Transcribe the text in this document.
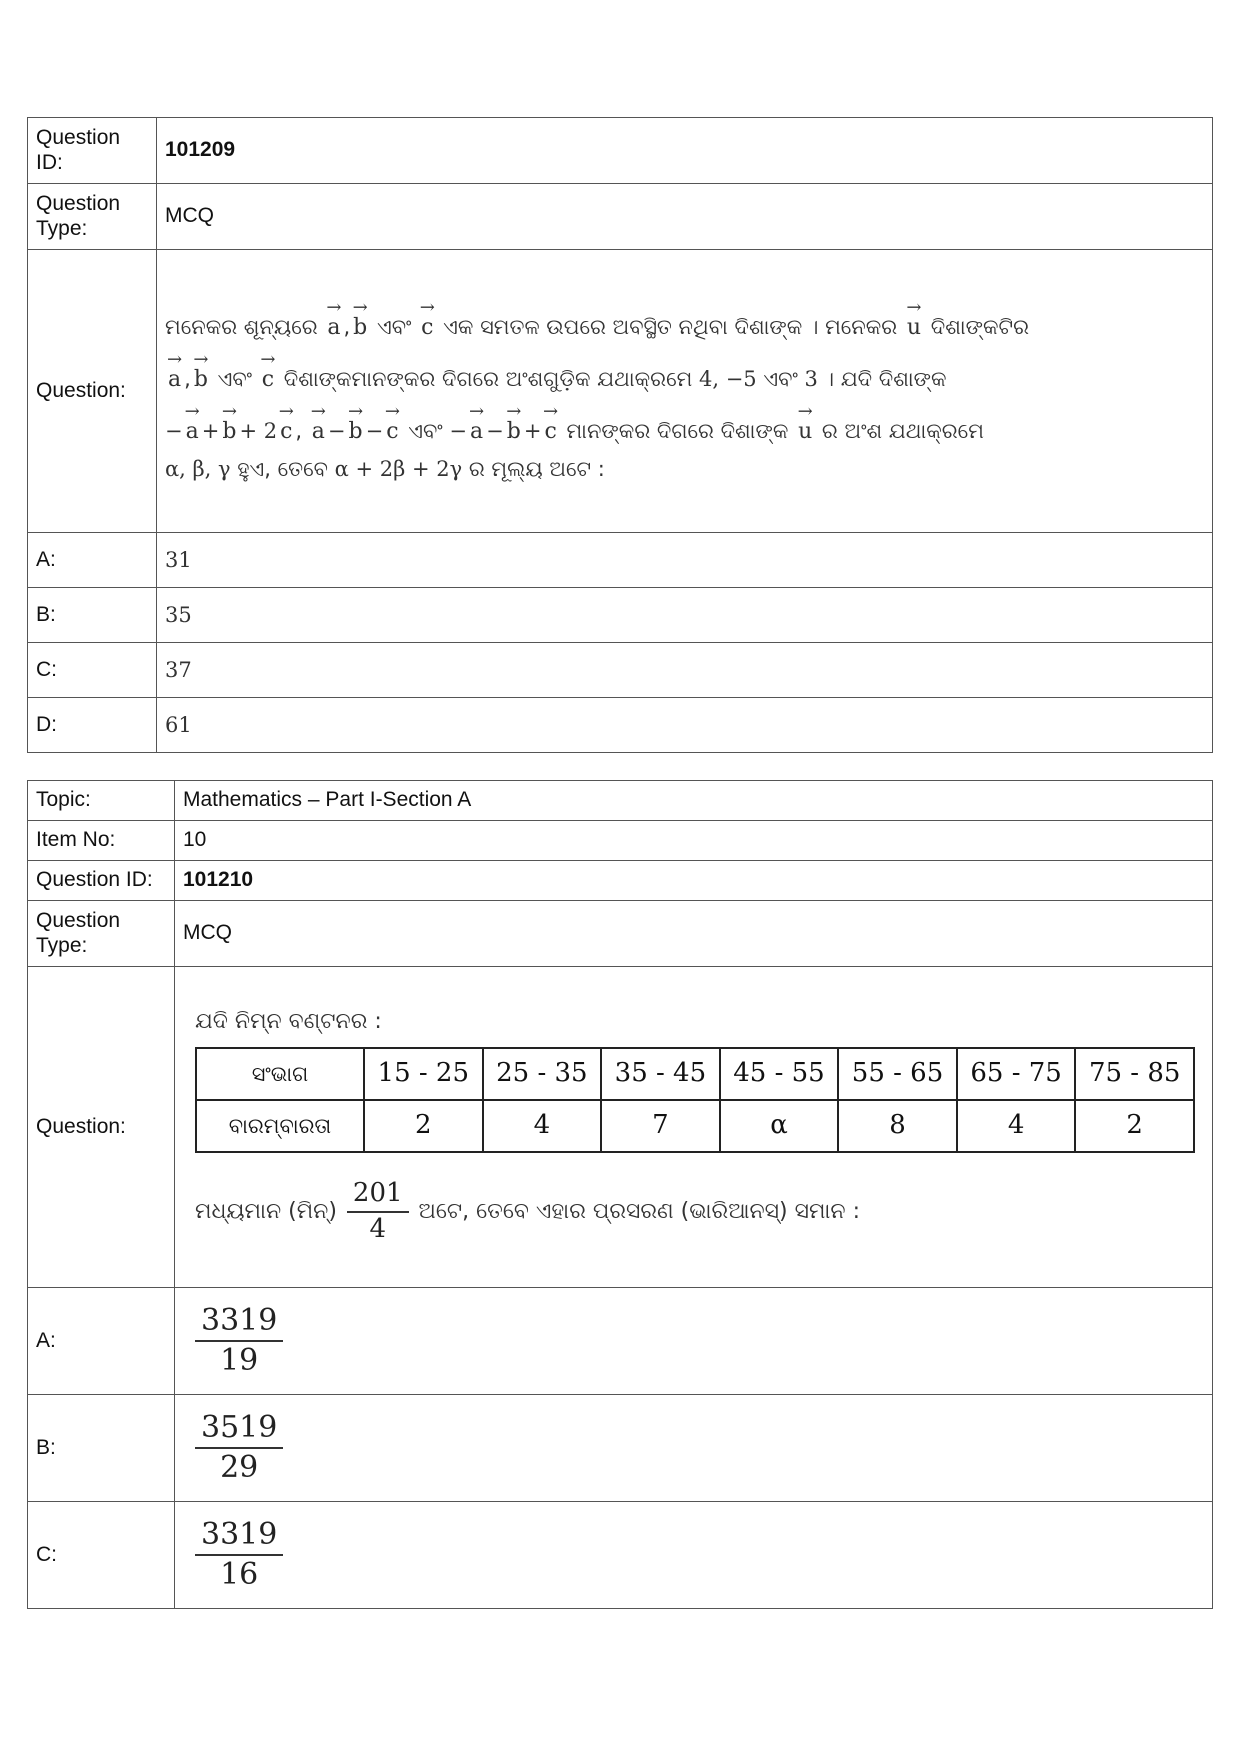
Question ID:	101209
Question Type:	MCQ
Question:	ମନେକର ଶୂନ୍ୟରେ → a , → b ଏବଂ → c ଏକ ସମତଳ ଉପରେ ଅବସ୍ଥିତ ନଥିବା ଦିଶାଙ୍କ । ମନେକର → u ଦିଶାଙ୍କଟିର
→ a , → b ଏବଂ → c ଦିଶାଙ୍କମାନଙ୍କର ଦିଗରେ ଅଂଶଗୁଡ଼ିକ ଯଥାକ୍ରମେ 4, −5 ଏବଂ 3 । ଯଦି ଦିଶାଙ୍କ
− → a + → b + 2 → c , → a − → b − → c ଏବଂ − → a − → b + → c ମାନଙ୍କର ଦିଗରେ ଦିଶାଙ୍କ → u ର ଅଂଶ ଯଥାକ୍ରମେ
α, β, γ ହୁଏ, ତେବେ α + 2β + 2γ ର ମୂଲ୍ୟ ଅଟେ :

A:	31
B:	35
C:	37
D:	61
Topic:	Mathematics – Part I-Section A
Item No:	10
Question ID:	101210
Question Type:	MCQ
Question:	
ଯଦି ନିମ୍ନ ବଣ୍ଟନର :
ସଂଭାଗ	15 - 25	25 - 35	35 - 45	45 - 55	55 - 65	65 - 75	75 - 85
ବାରମ୍ବାରତା	2	4	7	α	8	4	2
ମଧ୍ୟମାନ (ମିନ୍) $\frac{201}{4}$ ଅଟେ, ତେବେ ଏହାର ପ୍ରସରଣ (ଭାରିଆନସ୍) ସମାନ :

A:	$\frac{3319}{19}$

B:	$\frac{3519}{29}$

C:	$\frac{3319}{16}$
